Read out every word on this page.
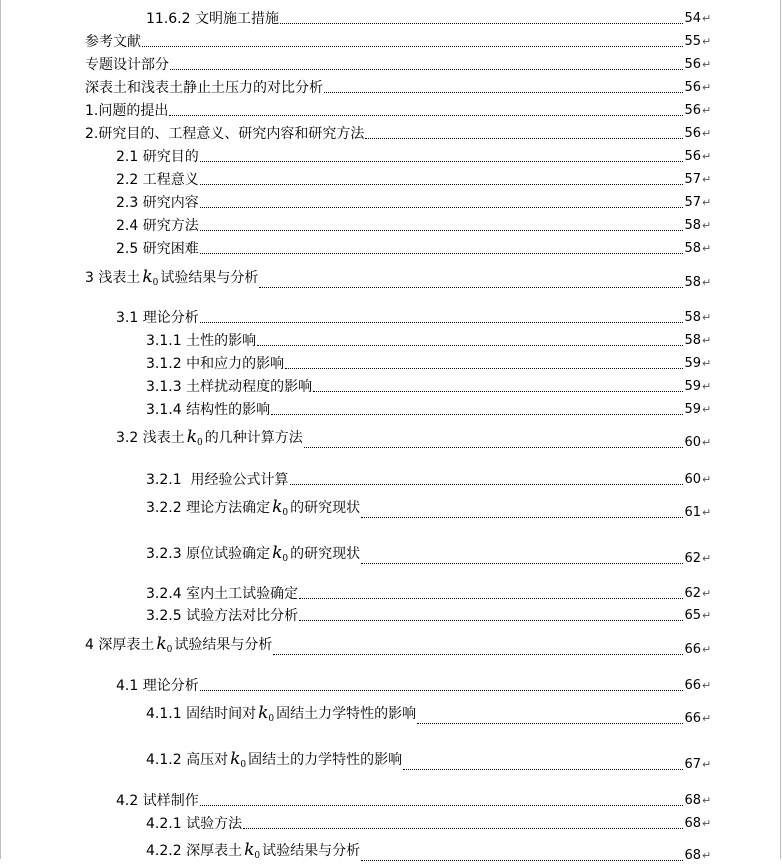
11.6.2 文明施工措施	54 ↵
参考文献	55 ↵
专题设计部分	56 ↵
深表土和浅表土静止土压力的对比分析	56 ↵
1.问题的提出	56 ↵
2.研究目的、工程意义、研究内容和研究方法	56 ↵
2.1 研究目的	56 ↵
2.2 工程意义	57 ↵
2.3 研究内容	57 ↵
2.4 研究方法	58 ↵
2.5 研究困难	58 ↵
3 浅表土 k0 试验结果与分析	58 ↵
3.1 理论分析	58 ↵
3.1.1 土性的影响	58 ↵
3.1.2 中和应力的影响	59 ↵
3.1.3 土样扰动程度的影响	59 ↵
3.1.4 结构性的影响	59 ↵
3.2 浅表土 k0 的几种计算方法	60 ↵
3.2.1  用经验公式计算	60 ↵
3.2.2 理论方法确定 k0 的研究现状	61 ↵
3.2.3 原位试验确定 k0 的研究现状	62 ↵
3.2.4 室内土工试验确定	62 ↵
3.2.5 试验方法对比分析	65 ↵
4 深厚表土 k0 试验结果与分析	66 ↵
4.1 理论分析	66 ↵
4.1.1 固结时间对 k0 固结土力学特性的影响	66 ↵
4.1.2 高压对 k0 固结土的力学特性的影响	67 ↵
4.2 试样制作	68 ↵
4.2.1 试验方法	68 ↵
4.2.2 深厚表土 k0 试验结果与分析	68 ↵
